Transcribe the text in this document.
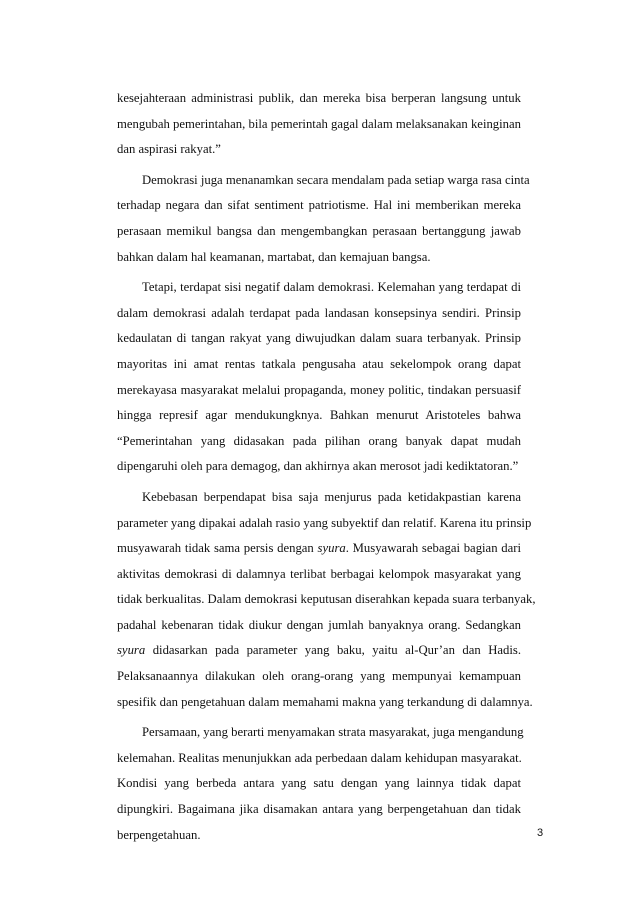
kesejahteraan administrasi publik, dan mereka bisa berperan langsung untuk
mengubah pemerintahan, bila pemerintah gagal dalam melaksanakan keinginan
dan aspirasi rakyat.”

Demokrasi juga menanamkan secara mendalam pada setiap warga rasa cinta
terhadap negara dan sifat sentiment patriotisme. Hal ini memberikan mereka
perasaan memikul bangsa dan mengembangkan perasaan bertanggung jawab
bahkan dalam hal keamanan, martabat, dan kemajuan bangsa.

Tetapi, terdapat sisi negatif dalam demokrasi. Kelemahan yang terdapat di
dalam demokrasi adalah terdapat pada landasan konsepsinya sendiri. Prinsip
kedaulatan di tangan rakyat yang diwujudkan dalam suara terbanyak. Prinsip
mayoritas ini amat rentas tatkala pengusaha atau sekelompok orang dapat
merekayasa masyarakat melalui propaganda, money politic, tindakan persuasif
hingga represif agar mendukungknya. Bahkan menurut Aristoteles bahwa
“Pemerintahan yang didasakan pada pilihan orang banyak dapat mudah
dipengaruhi oleh para demagog, dan akhirnya akan merosot jadi kediktatoran.”

Kebebasan berpendapat bisa saja menjurus pada ketidakpastian karena
parameter yang dipakai adalah rasio yang subyektif dan relatif. Karena itu prinsip
musyawarah tidak sama persis dengan syura. Musyawarah sebagai bagian dari
aktivitas demokrasi di dalamnya terlibat berbagai kelompok masyarakat yang
tidak berkualitas. Dalam demokrasi keputusan diserahkan kepada suara terbanyak,
padahal kebenaran tidak diukur dengan jumlah banyaknya orang. Sedangkan
syura didasarkan pada parameter yang baku, yaitu al-Qur’an dan Hadis.
Pelaksanaannya dilakukan oleh orang-orang yang mempunyai kemampuan
spesifik dan pengetahuan dalam memahami makna yang terkandung di dalamnya.

Persamaan, yang berarti menyamakan strata masyarakat, juga mengandung
kelemahan. Realitas menunjukkan ada perbedaan dalam kehidupan masyarakat.
Kondisi yang berbeda antara yang satu dengan yang lainnya tidak dapat
dipungkiri. Bagaimana jika disamakan antara yang berpengetahuan dan tidak
berpengetahuan.	3
